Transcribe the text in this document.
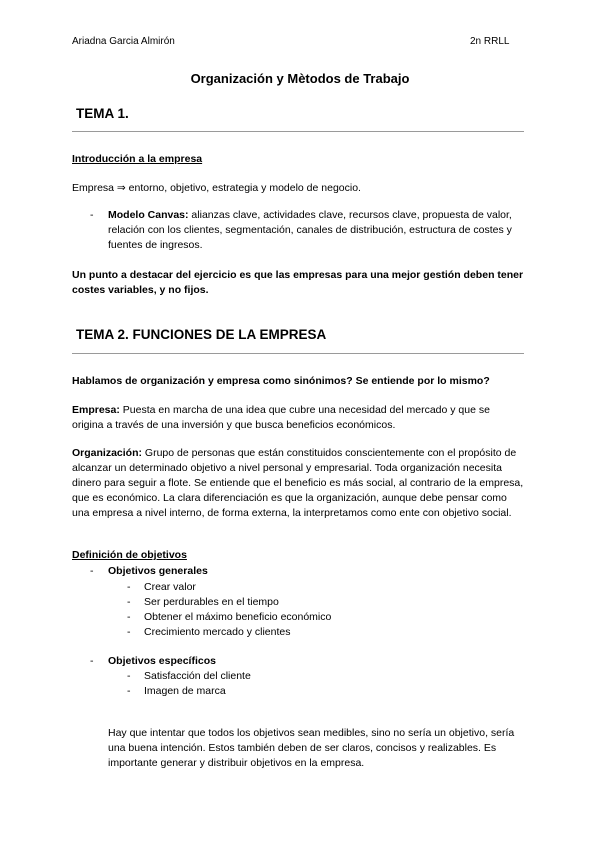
Ariadna Garcia Almirón	2n RRLL
Organización y Mètodos de Trabajo
TEMA 1.
Introducción a la empresa
Empresa ⇒ entorno, objetivo, estrategia y modelo de negocio.
- Modelo Canvas: alianzas clave, actividades clave, recursos clave, propuesta de valor, relación con los clientes, segmentación, canales de distribución, estructura de costes y fuentes de ingresos.
Un punto a destacar del ejercicio es que las empresas para una mejor gestión deben tener costes variables, y no fijos.
TEMA 2. FUNCIONES DE LA EMPRESA
Hablamos de organización y empresa como sinónimos? Se entiende por lo mismo?
Empresa: Puesta en marcha de una idea que cubre una necesidad del mercado y que se origina a través de una inversión y que busca beneficios económicos.
Organización: Grupo de personas que están constituidos conscientemente con el propósito de alcanzar un determinado objetivo a nivel personal y empresarial. Toda organización necesita dinero para seguir a flote. Se entiende que el beneficio es más social, al contrario de la empresa, que es económico. La clara diferenciación es que la organización, aunque debe pensar como una empresa a nivel interno, de forma externa, la interpretamos como ente con objetivo social.
Definición de objetivos
- Objetivos generales
- Crear valor
- Ser perdurables en el tiempo
- Obtener el máximo beneficio económico
- Crecimiento mercado y clientes
- Objetivos específicos
- Satisfacción del cliente
- Imagen de marca
Hay que intentar que todos los objetivos sean medibles, sino no sería un objetivo, sería una buena intención. Estos también deben de ser claros, concisos y realizables. Es importante generar y distribuir objetivos en la empresa.
